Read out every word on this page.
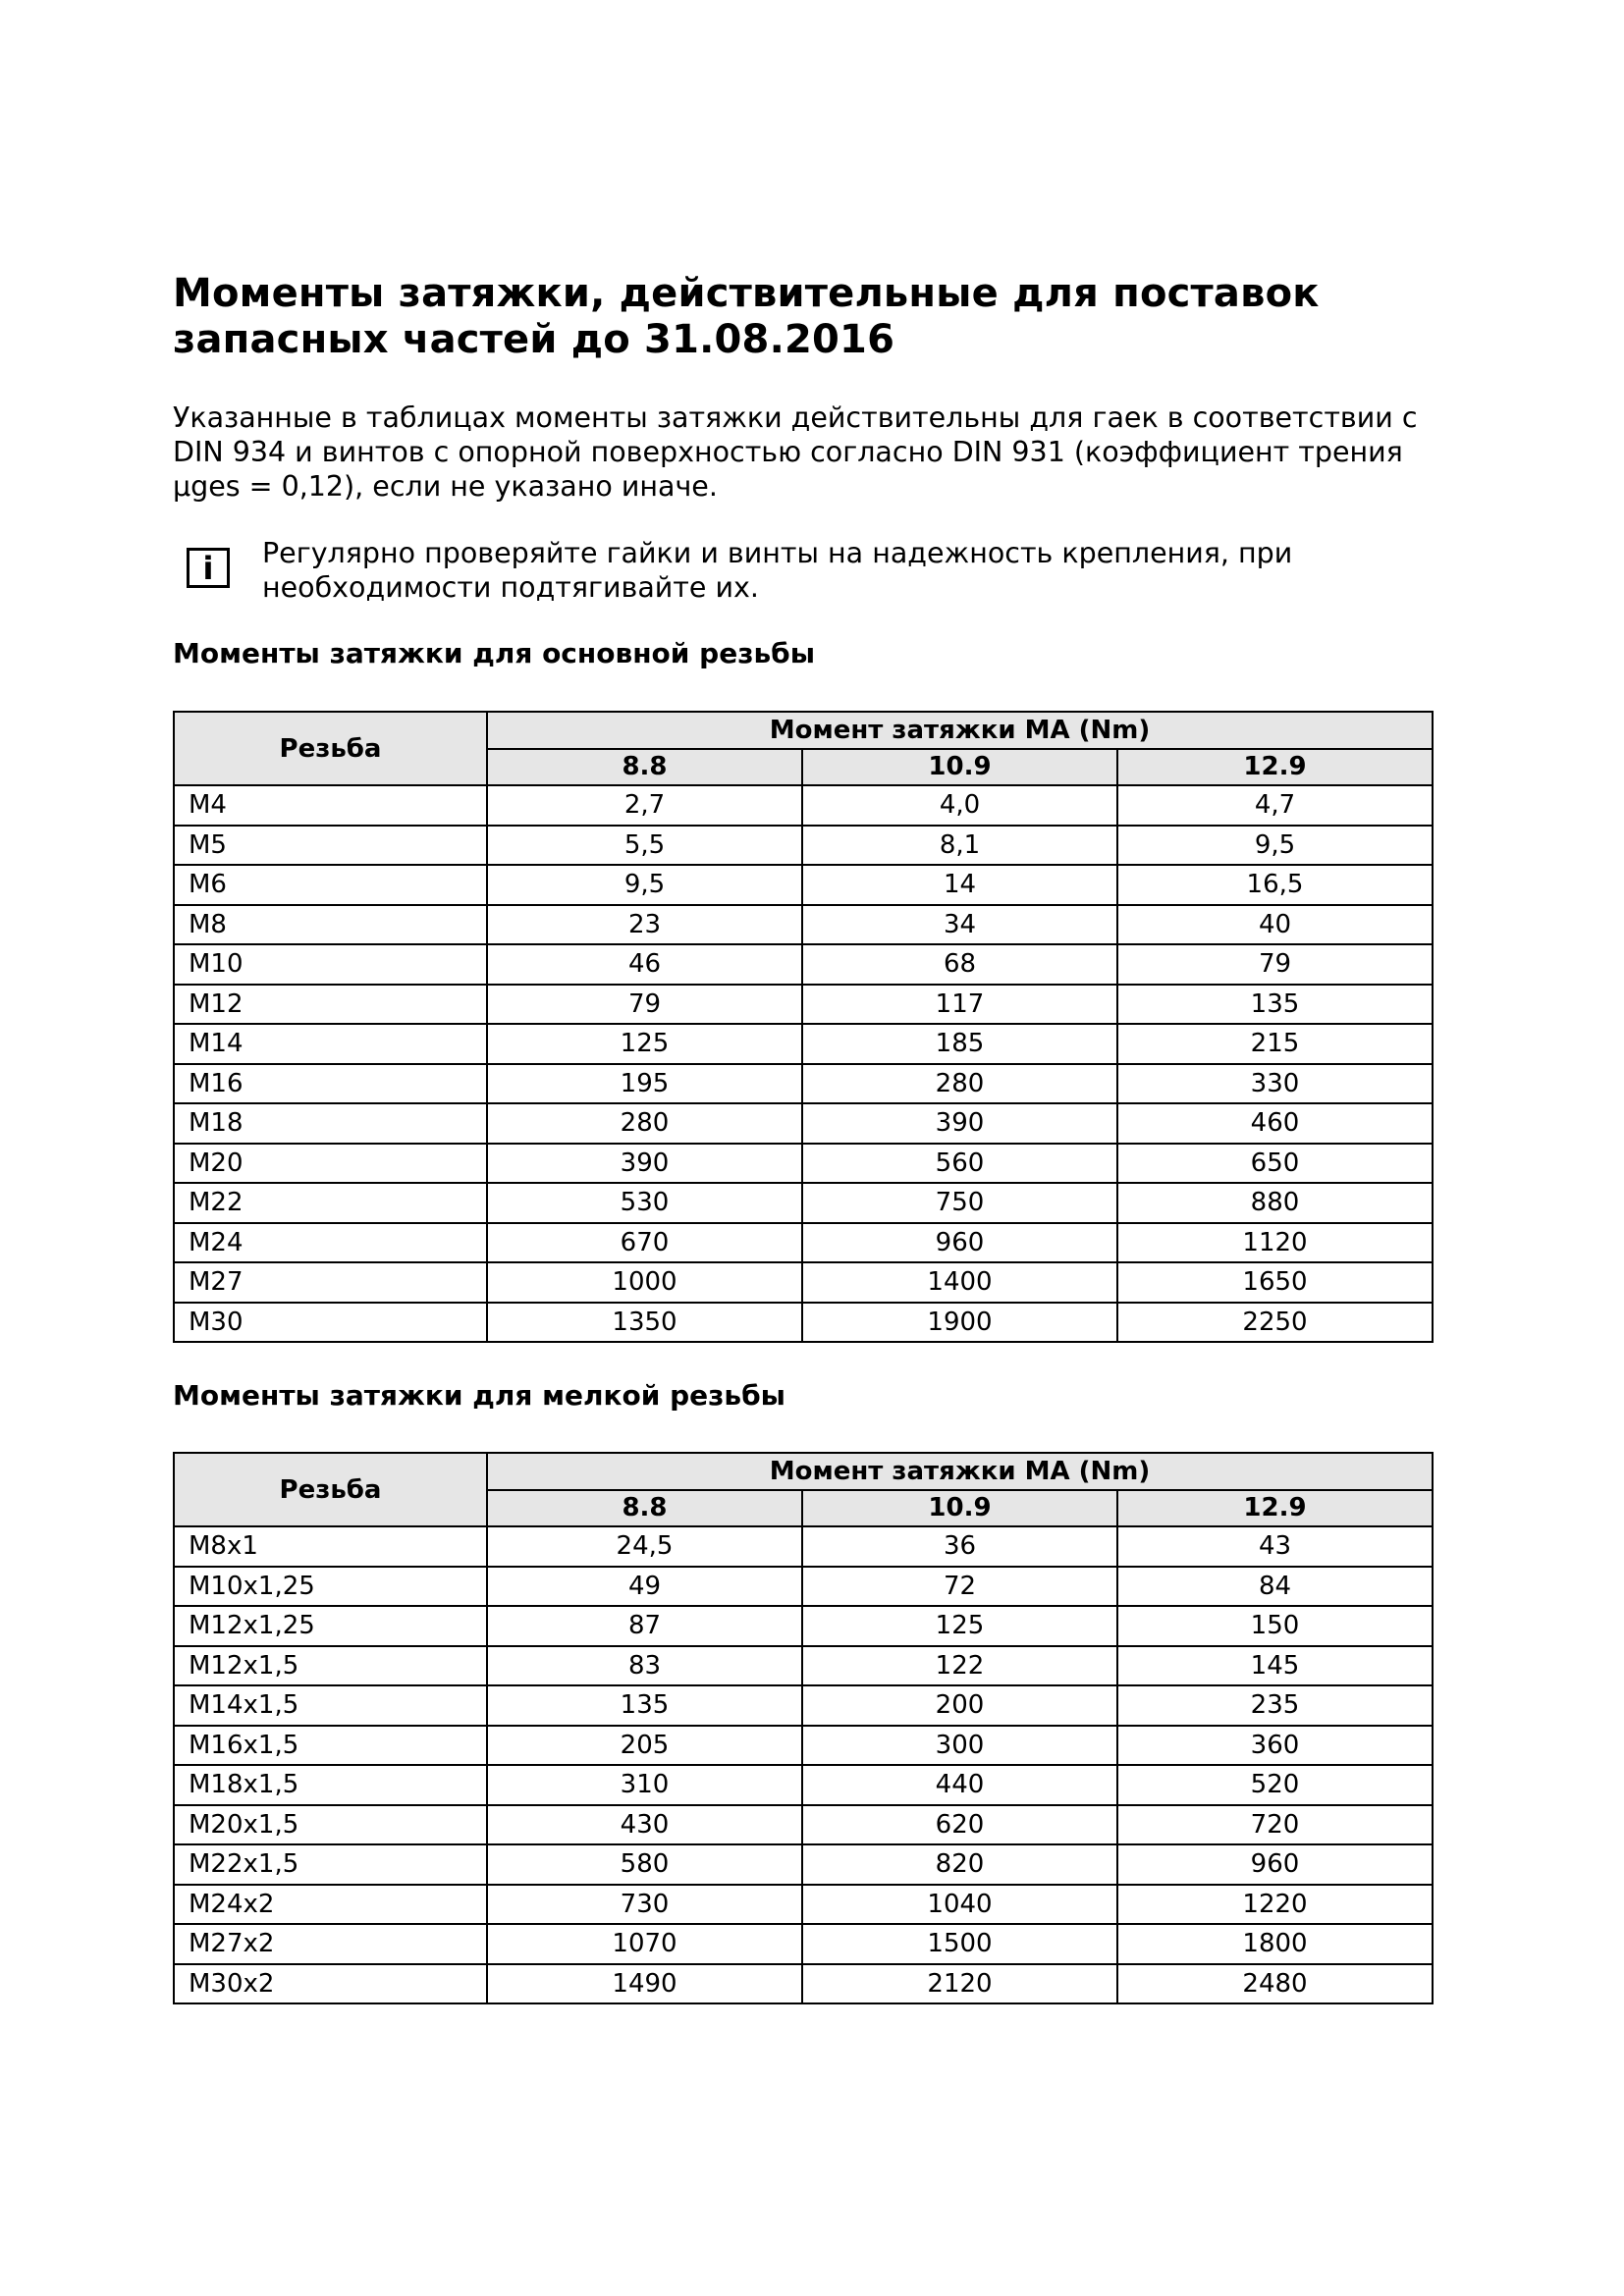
Моменты затяжки, действительные для поставок
запасных частей до 31.08.2016
Указанные в таблицах моменты затяжки действительны для гаек в соответствии с
DIN 934 и винтов с опорной поверхностью согласно DIN 931 (коэффициент трения
µges = 0,12), если не указано иначе.
i	Регулярно проверяйте гайки и винты на надежность крепления, при
необходимости подтягивайте их.
Моменты затяжки для основной резьбы
Резьба	Момент затяжки MA (Nm)		
	8.8	10.9	12.9
M4	2,7	4,0	4,7
M5	5,5	8,1	9,5
M6	9,5	14	16,5
M8	23	34	40
M10	46	68	79
M12	79	117	135
M14	125	185	215
M16	195	280	330
M18	280	390	460
M20	390	560	650
M22	530	750	880
M24	670	960	1120
M27	1000	1400	1650
M30	1350	1900	2250
Моменты затяжки для мелкой резьбы
Резьба	Момент затяжки MA (Nm)		
	8.8	10.9	12.9
M8x1	24,5	36	43
M10x1,25	49	72	84
M12x1,25	87	125	150
M12x1,5	83	122	145
M14x1,5	135	200	235
M16x1,5	205	300	360
M18x1,5	310	440	520
M20x1,5	430	620	720
M22x1,5	580	820	960
M24x2	730	1040	1220
M27x2	1070	1500	1800
M30x2	1490	2120	2480
